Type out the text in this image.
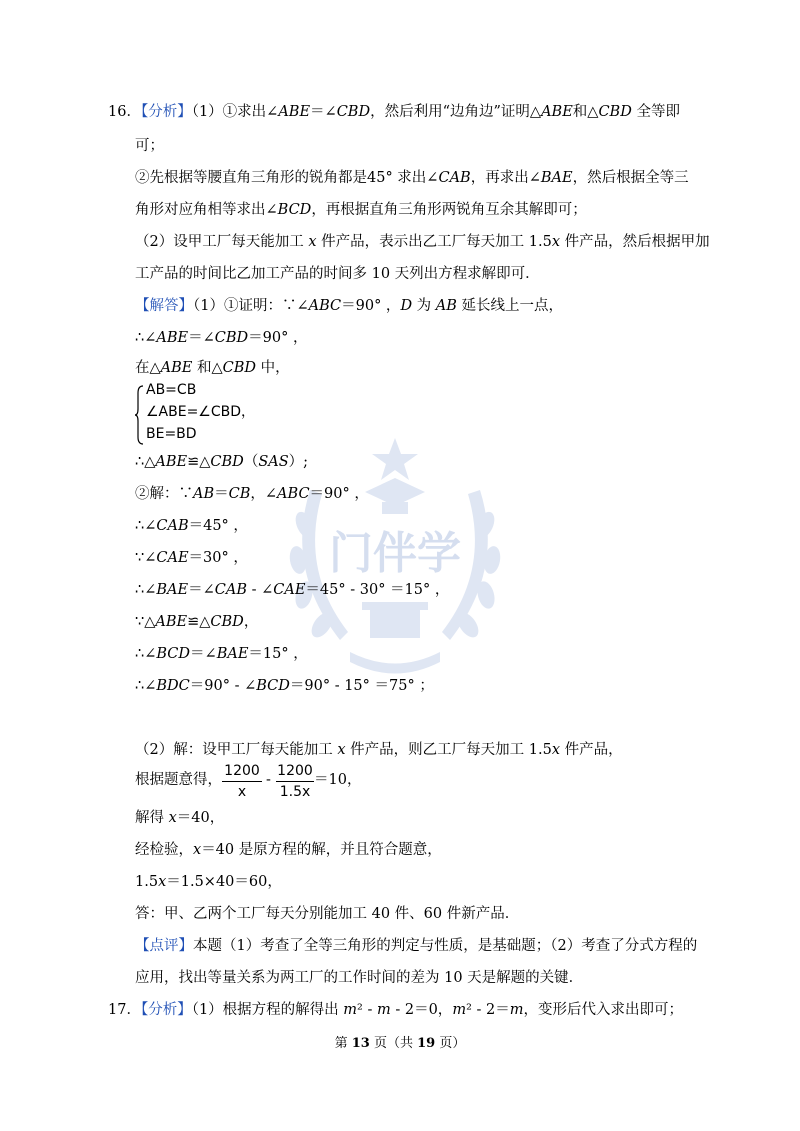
门伴学
16．【分析】（1）①求出∠ABE＝∠CBD，然后利用“边角边”证明△ABE和△CBD 全等即
可；
②先根据等腰直角三角形的锐角都是45° 求出∠CAB，再求出∠BAE，然后根据全等三
角形对应角相等求出∠BCD，再根据直角三角形两锐角互余其解即可；
（2）设甲工厂每天能加工 x 件产品，表示出乙工厂每天加工 1.5x 件产品，然后根据甲加
工产品的时间比乙加工产品的时间多 10 天列出方程求解即可．
【解答】（1）①证明：∵∠ABC＝90° ，D 为 AB 延长线上一点，
∴∠ABE＝∠CBD＝90° ，
在△ABE 和△CBD 中，
AB=CB
∠ABE=∠CBD，
BE=BD
∴△ABE≌△CBD（SAS）;
②解：∵AB＝CB，∠ABC＝90° ，
∴∠CAB＝45° ，
∵∠CAE＝30° ，
∴∠BAE＝∠CAB - ∠CAE＝45° - 30° ＝15° ，
∵△ABE≌△CBD，
∴∠BCD＝∠BAE＝15° ，
∴∠BDC＝90° - ∠BCD＝90° - 15° ＝75° ；
（2）解：设甲工厂每天能加工 x 件产品，则乙工厂每天加工 1.5x 件产品，
根据题意得，
1200
x
-
1200
1.5x
＝10，
解得 x＝40，
经检验，x＝40 是原方程的解，并且符合题意，
1.5x＝1.5×40＝60，
答：甲、乙两个工厂每天分别能加工 40 件、60 件新产品．
【点评】本题（1）考查了全等三角形的判定与性质，是基础题；（2）考查了分式方程的
应用，找出等量关系为两工厂的工作时间的差为 10 天是解题的关键．
17．【分析】（1）根据方程的解得出 m² - m - 2＝0，m² - 2＝m，变形后代入求出即可；
第 13 页（共 19 页）
